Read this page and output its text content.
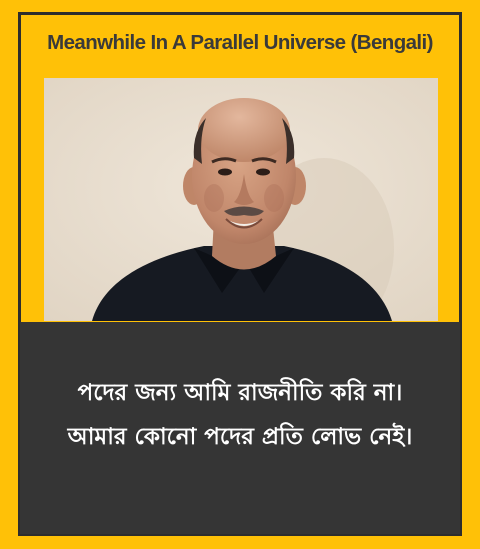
Meanwhile In A Parallel Universe (Bengali)
পদের জন্য আমি রাজনীতি করি না।
আমার কোনো পদের প্রতি লোভ নেই।
